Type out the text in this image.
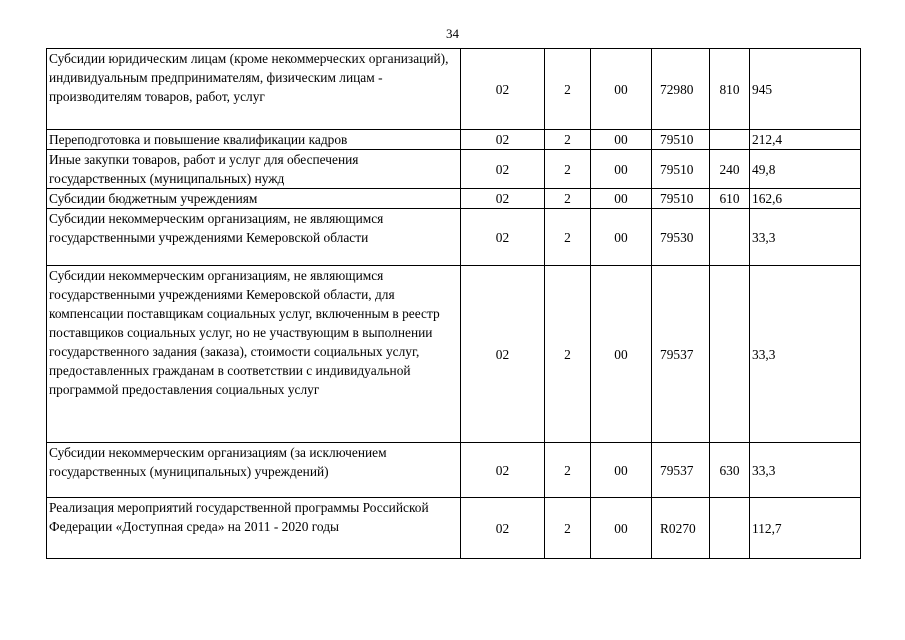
34
Субсидии юридическим лицам (кроме некоммерческих организаций), индивидуальным предпринимателям, физическим лицам - производителям товаров, работ, услуг	02	2	00	72980	810	945
Переподготовка и повышение квалификации кадров	02	2	00	79510		212,4
Иные закупки товаров, работ и услуг для обеспечения государственных (муниципальных) нужд	02	2	00	79510	240	49,8
Субсидии бюджетным учреждениям	02	2	00	79510	610	162,6
Субсидии некоммерческим организациям, не являющимся государственными учреждениями Кемеровской области	02	2	00	79530		33,3
Субсидии некоммерческим организациям, не являющимся государственными учреждениями Кемеровской области, для компенсации поставщикам социальных услуг, включенным в реестр поставщиков социальных услуг, но не участвующим в выполнении государственного задания (заказа), стоимости социальных услуг, предоставленных гражданам в соответствии с индивидуальной программой предоставления социальных услуг	02	2	00	79537		33,3
Субсидии некоммерческим организациям (за исключением государственных (муниципальных) учреждений)	02	2	00	79537	630	33,3
Реализация мероприятий государственной программы Российской Федерации «Доступная среда» на 2011 - 2020 годы	02	2	00	R0270		112,7
